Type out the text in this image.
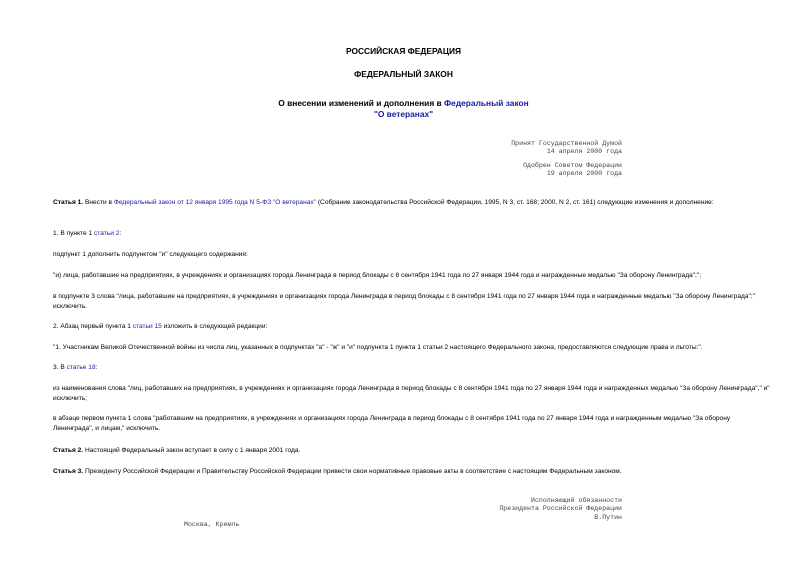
РОССИЙСКАЯ ФЕДЕРАЦИЯ
ФЕДЕРАЛЬНЫЙ ЗАКОН
О внесении изменений и дополнения в Федеральный закон
"О ветеранах"
Принят Государственной Думой
14 апреля 2000 года
Одобрен Советом Федерации
19 апреля 2000 года
Статья 1. Внести в Федеральный закон от 12 января 1995 года N 5-ФЗ "О ветеранах" (Собрание законодательства Российской Федерации, 1995, N 3, ст. 168; 2000, N 2, ст. 161) следующие изменения и дополнение:
1. В пункте 1 статьи 2:
подпункт 1 дополнить подпунктом "и" следующего содержания:
"и) лица, работавшие на предприятиях, в учреждениях и организациях города Ленинграда в период блокады с 8 сентября 1941 года по 27 января 1944 года и награжденные медалью "За оборону Ленинграда";";
в подпункте 3 слова "лица, работавшие на предприятиях, в учреждениях и организациях города Ленинграда в период блокады с 8 сентября 1941 года по 27 января 1944 года и награжденные медалью "За оборону Ленинграда";" исключить.
2. Абзац первый пункта 1 статьи 15 изложить в следующей редакции:
"1. Участникам Великой Отечественной войны из числа лиц, указанных в подпунктах "а" - "ж" и "и" подпункта 1 пункта 1 статьи 2 настоящего Федерального закона, предоставляются следующие права и льготы:".
3. В статье 18:
из наименования слова "лиц, работавших на предприятиях, в учреждениях и организациях города Ленинграда в период блокады с 8 сентября 1941 года по 27 января 1944 года и награжденных медалью "За оборону Ленинграда"," и" исключить;
в абзаце первом пункта 1 слова "работавшим на предприятиях, в учреждениях и организациях города Ленинграда в период блокады с 8 сентября 1941 года по 27 января 1944 года и награжденным медалью "За оборону Ленинграда", и лицам," исключить.
Статья 2. Настоящий Федеральный закон вступает в силу с 1 января 2001 года.
Статья 3. Президенту Российской Федерации и Правительству Российской Федерации привести свои нормативные правовые акты в соответствие с настоящим Федеральным законом.
Исполняющий обязанности
Президента Российской Федерации
В.Путин
Москва, Кремль
